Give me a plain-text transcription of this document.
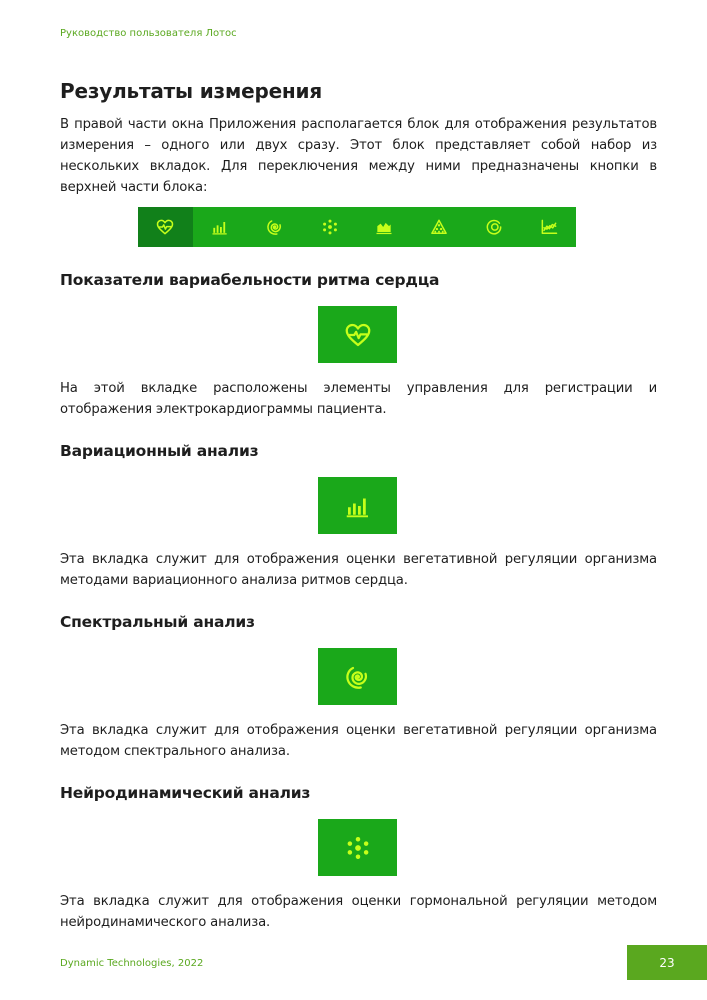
Руководство пользователя Лотос
Результаты измерения
В правой части окна Приложения располагается блок для отображения результатов измерения – одного или двух сразу. Этот блок представляет собой набор из нескольких вкладок. Для переключения между ними предназначены кнопки в верхней части блока:
Показатели вариабельности ритма сердца
На этой вкладке расположены элементы управления для регистрации и отображения электрокардиограммы пациента.
Вариационный анализ
Эта вкладка служит для отображения оценки вегетативной регуляции организма методами вариационного анализа ритмов сердца.
Спектральный анализ
Эта вкладка служит для отображения оценки вегетативной регуляции организма методом спектрального анализа.
Нейродинамический анализ
Эта вкладка служит для отображения оценки гормональной регуляции методом нейродинамического анализа.
Dynamic Technologies, 2022	23
